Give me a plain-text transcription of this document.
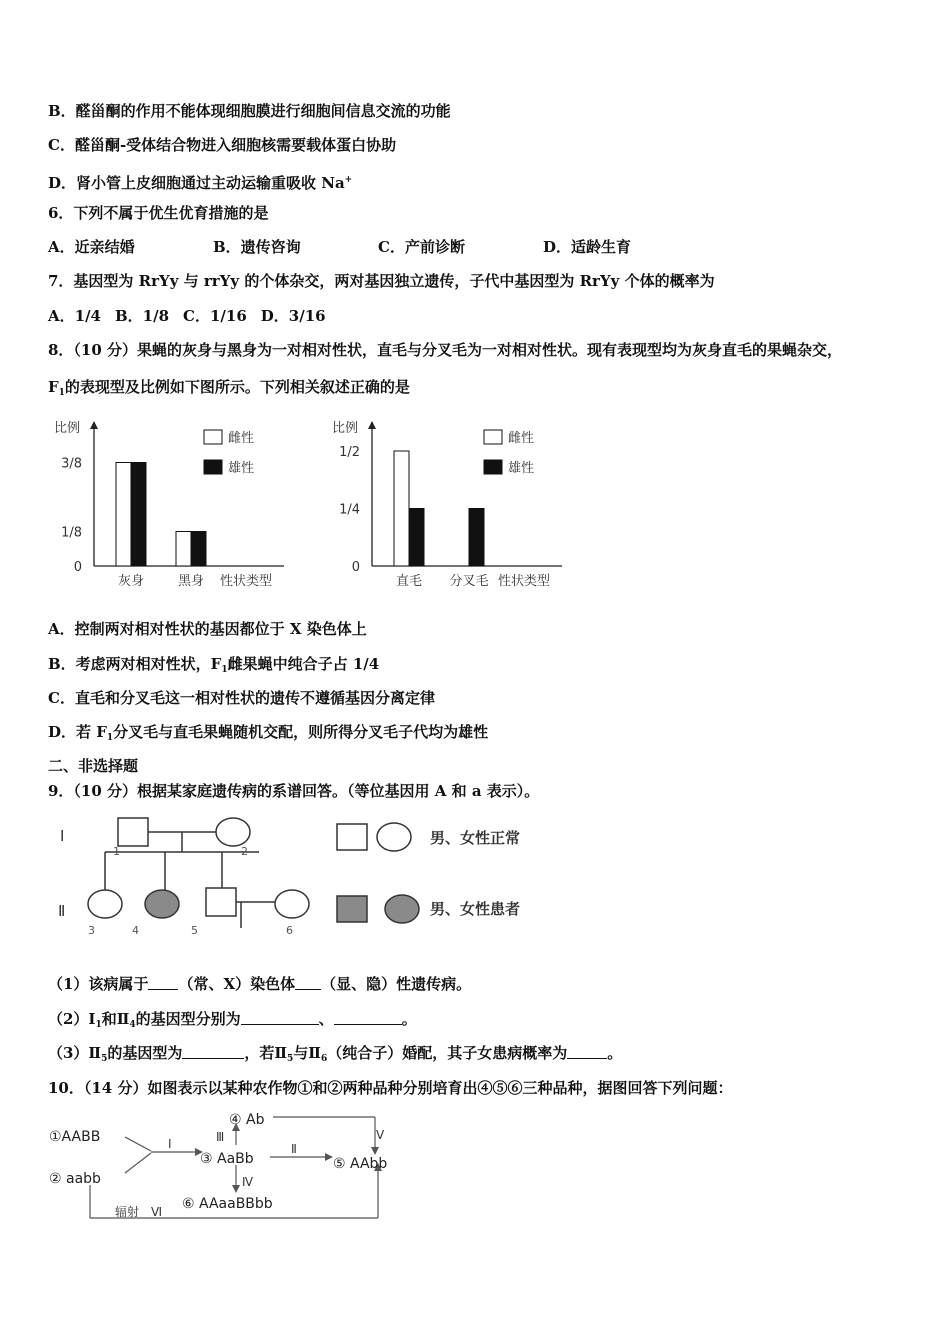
B．醛甾酮的作用不能体现细胞膜进行细胞间信息交流的功能
C．醛甾酮-受体结合物进入细胞核需要载体蛋白协助
D．肾小管上皮细胞通过主动运输重吸收 Na+
6．下列不属于优生优育措施的是
A．近亲结婚	B．遗传咨询	C．产前诊断	D．适龄生育
7．基因型为 RrYy 与 rrYy 的个体杂交，两对基因独立遗传，子代中基因型为 RrYy 个体的概率为
A．1/4 B．1/8 C．1/16 D．3/16
8．（10 分）果蝇的灰身与黑身为一对相对性状，直毛与分叉毛为一对相对性状。现有表现型均为灰身直毛的果蝇杂交，
$F_1$的表现型及比例如下图所示。下列相关叙述正确的是
比例
性状类型
3/8
1/8
0
灰身	黑身
雌性
雄性
比例
性状类型
1/2
1/4
0
直毛 分叉毛
雌性
雄性
A．控制两对相对性状的基因都位于 X 染色体上
B．考虑两对相对性状，$F_1$雌果蝇中纯合子占 1/4
C．直毛和分叉毛这一相对性状的遗传不遵循基因分离定律
D．若 $F_1$分叉毛与直毛果蝇随机交配，则所得分叉毛子代均为雄性
二、非选择题
9．（10 分）根据某家庭遗传病的系谱回答。（等位基因用 A 和 a 表示）。
Ⅰ
Ⅱ
1	2
3	4	5	6
男、女性正常
男、女性患者
（1）该病属于 （常、X）染色体 （显、隐）性遗传病。
$(2)Ⅰ_1$和$Ⅱ_4$的基因型分别为	、	。
$(3)Ⅱ_5$的基因型为	，若$Ⅱ_5$与$Ⅱ_6$（纯合子）婚配，其子女患病概率为	。
10．（14 分）如图表示以某种农作物①和②两种品种分别培育出④⑤⑥三种品种，据图回答下列问题：
①AABB
② aabb
③ AaBb
④ Ab
⑤ AAbb
⑥ AAaaBBbb
Ⅰ	Ⅱ
Ⅲ
Ⅳ
Ⅴ
辐射　Ⅵ
